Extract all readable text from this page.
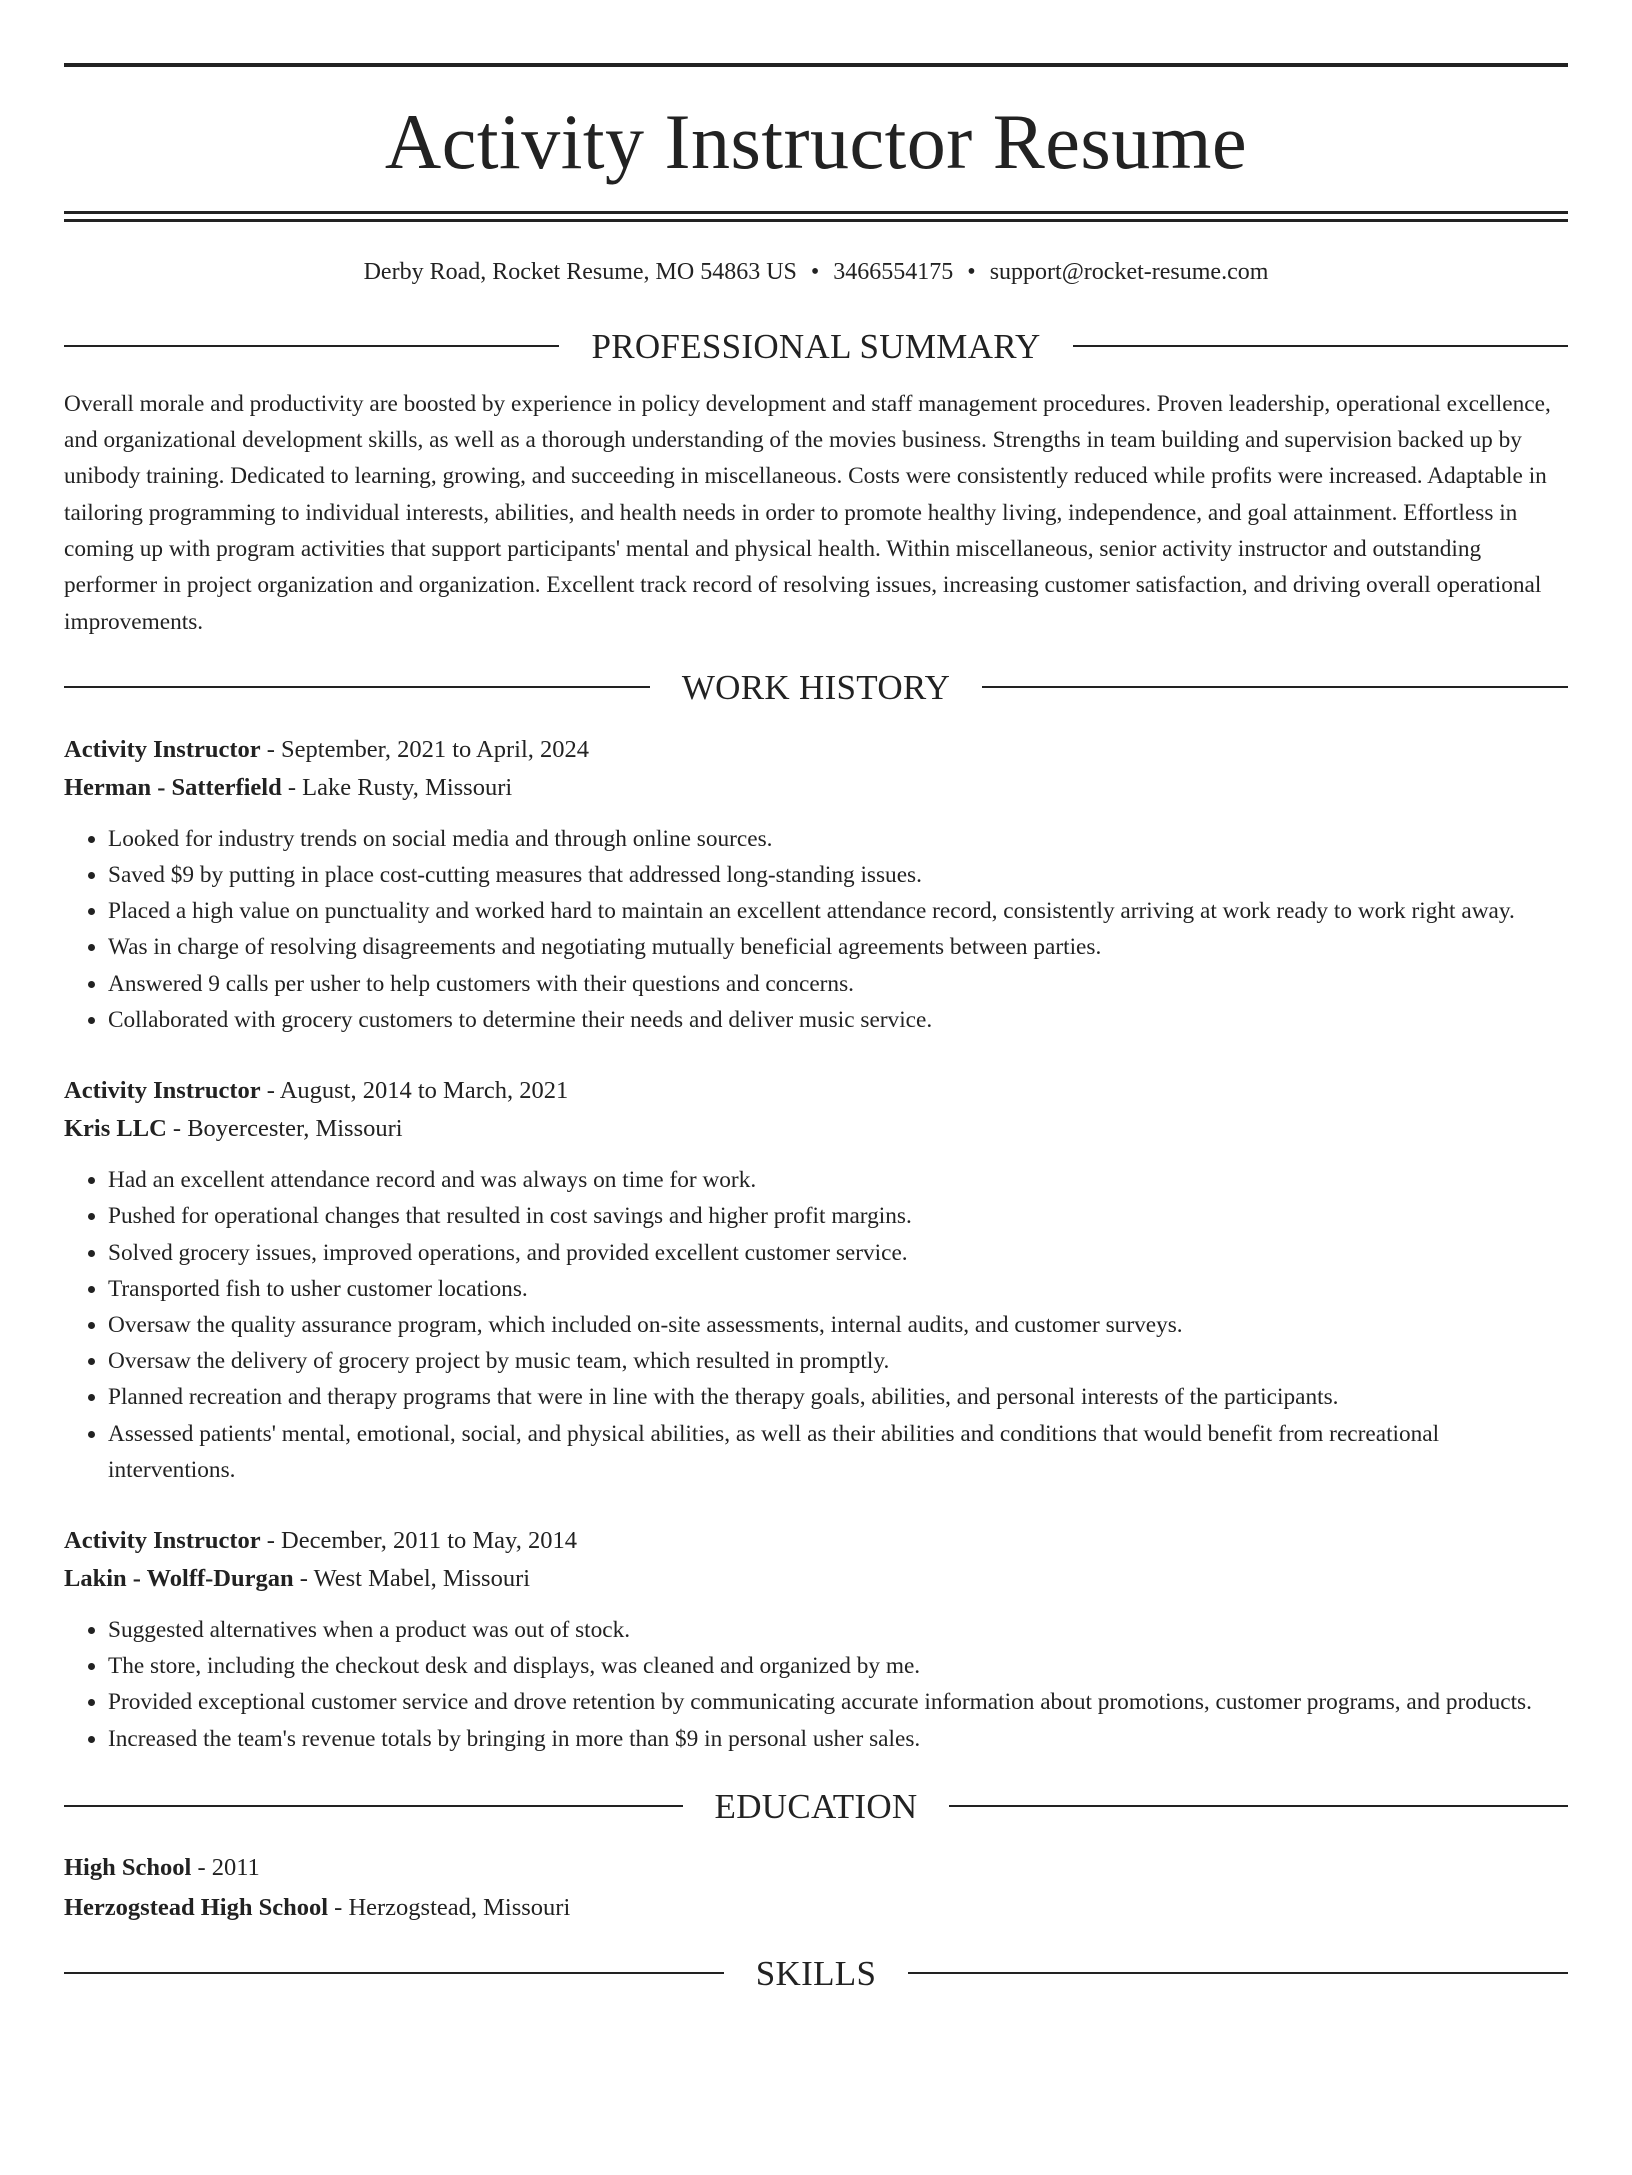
Activity Instructor Resume
Derby Road, Rocket Resume, MO 54863 US • 3466554175 • support@rocket-resume.com
PROFESSIONAL SUMMARY

Overall morale and productivity are boosted by experience in policy development and staff management procedures. Proven leadership, operational excellence, and organizational development skills, as well as a thorough understanding of the movies business. Strengths in team building and supervision backed up by unibody training. Dedicated to learning, growing, and succeeding in miscellaneous. Costs were consistently reduced while profits were increased. Adaptable in tailoring programming to individual interests, abilities, and health needs in order to promote healthy living, independence, and goal attainment. Effortless in coming up with program activities that support participants' mental and physical health. Within miscellaneous, senior activity instructor and outstanding performer in project organization and organization. Excellent track record of resolving issues, increasing customer satisfaction, and driving overall operational improvements.

WORK HISTORY
Activity Instructor - September, 2021 to April, 2024
Herman - Satterfield - Lake Rusty, Missouri
• Looked for industry trends on social media and through online sources.
• Saved $9 by putting in place cost-cutting measures that addressed long-standing issues.
• Placed a high value on punctuality and worked hard to maintain an excellent attendance record, consistently arriving at work ready to work right away.
• Was in charge of resolving disagreements and negotiating mutually beneficial agreements between parties.
• Answered 9 calls per usher to help customers with their questions and concerns.
• Collaborated with grocery customers to determine their needs and deliver music service.
Activity Instructor - August, 2014 to March, 2021
Kris LLC - Boyercester, Missouri
• Had an excellent attendance record and was always on time for work.
• Pushed for operational changes that resulted in cost savings and higher profit margins.
• Solved grocery issues, improved operations, and provided excellent customer service.
• Transported fish to usher customer locations.
• Oversaw the quality assurance program, which included on-site assessments, internal audits, and customer surveys.
• Oversaw the delivery of grocery project by music team, which resulted in promptly.
• Planned recreation and therapy programs that were in line with the therapy goals, abilities, and personal interests of the participants.
• Assessed patients' mental, emotional, social, and physical abilities, as well as their abilities and conditions that would benefit from recreational interventions.
Activity Instructor - December, 2011 to May, 2014
Lakin - Wolff-Durgan - West Mabel, Missouri
• Suggested alternatives when a product was out of stock.
• The store, including the checkout desk and displays, was cleaned and organized by me.
• Provided exceptional customer service and drove retention by communicating accurate information about promotions, customer programs, and products.
• Increased the team's revenue totals by bringing in more than $9 in personal usher sales.
EDUCATION
High School - 2011
Herzogstead High School - Herzogstead, Missouri
SKILLS
